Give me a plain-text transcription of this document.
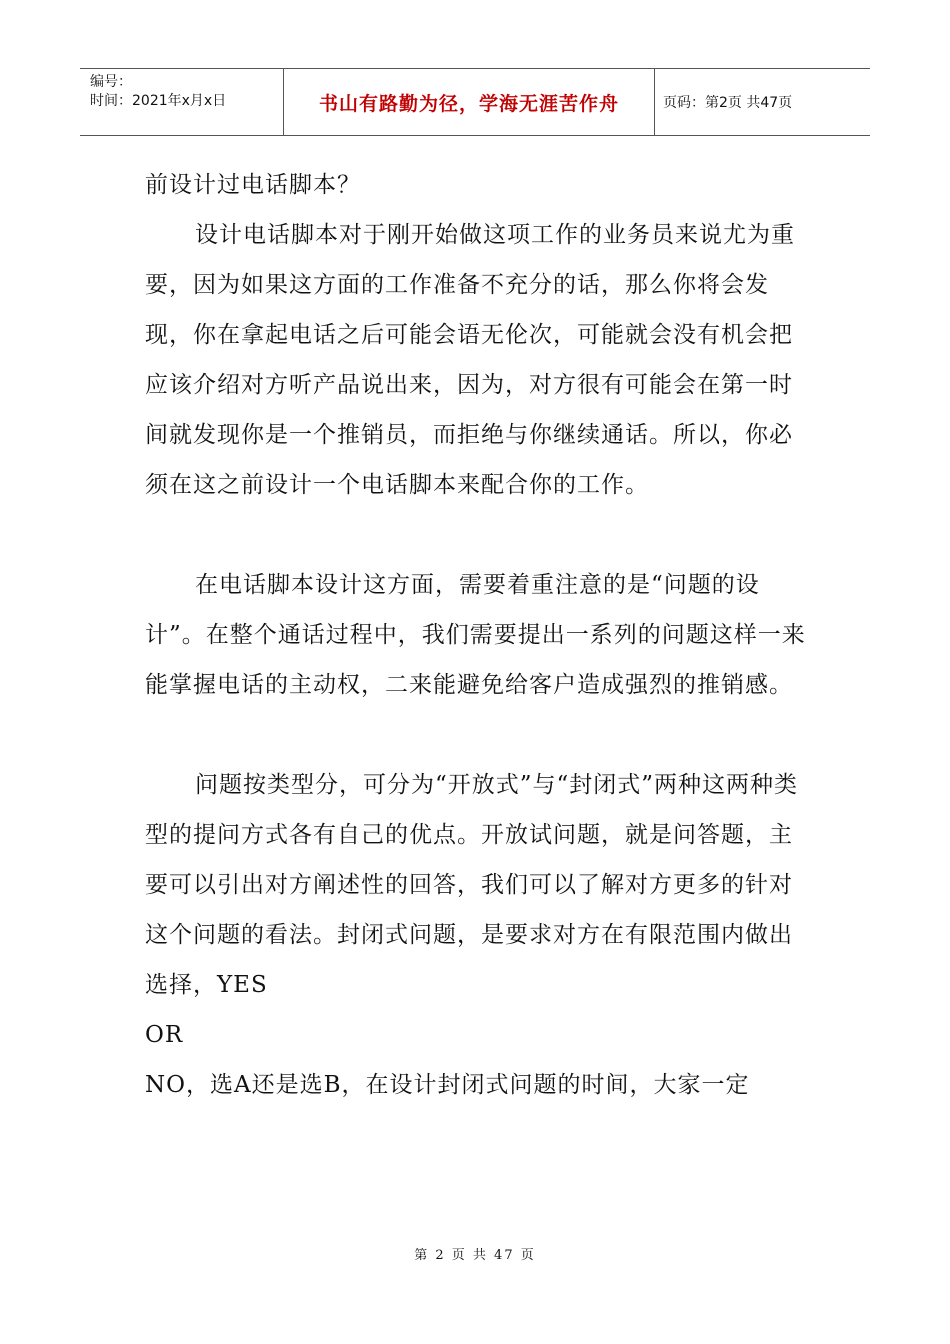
编号：
时间：2021年x月x日	书山有路勤为径，学海无涯苦作舟	页码：第2页 共47页

前设计过电话脚本？

设计电话脚本对于刚开始做这项工作的业务员来说尤为重要，因为如果这方面的工作准备不充分的话，那么你将会发现，你在拿起电话之后可能会语无伦次，可能就会没有机会把应该介绍对方听产品说出来，因为，对方很有可能会在第一时间就发现你是一个推销员，而拒绝与你继续通话。所以，你必须在这之前设计一个电话脚本来配合你的工作。

在电话脚本设计这方面，需要着重注意的是“问题的设计”。在整个通话过程中，我们需要提出一系列的问题这样一来能掌握电话的主动权，二来能避免给客户造成强烈的推销感。

问题按类型分，可分为“开放式”与“封闭式”两种这两种类型的提问方式各有自己的优点。开放试问题，就是问答题，主要可以引出对方阐述性的回答，我们可以了解对方更多的针对这个问题的看法。封闭式问题，是要求对方在有限范围内做出选择，YES

OR

NO，选A还是选B，在设计封闭式问题的时间，大家一定

第 2 页 共 47 页
